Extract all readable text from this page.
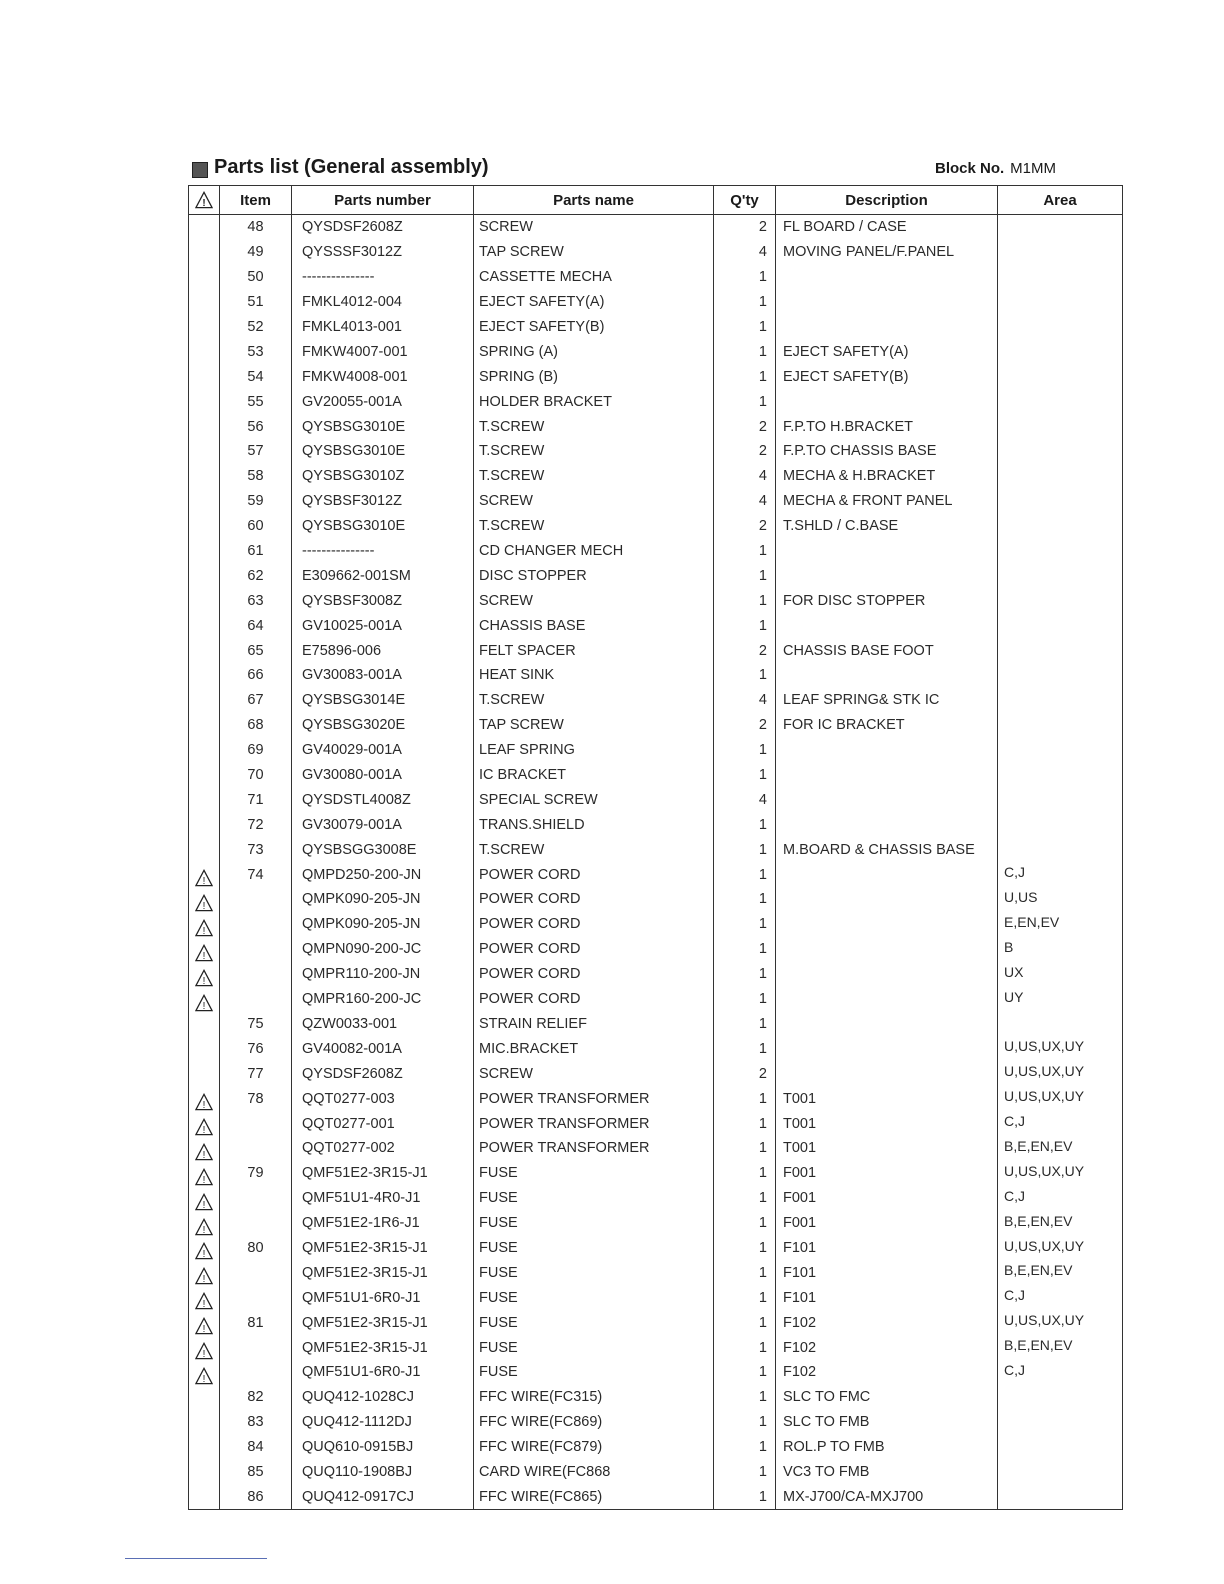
Parts list (General assembly)	Block No. M1MM
!	Item	Parts number	Parts name	Q'ty	Description	Area
	48	QYSDSF2608Z	SCREW	2	FL BOARD / CASE	
	49	QYSSSF3012Z	TAP SCREW	4	MOVING PANEL/F.PANEL	
	50	---------------	CASSETTE MECHA	1		
	51	FMKL4012-004	EJECT SAFETY(A)	1		
	52	FMKL4013-001	EJECT SAFETY(B)	1		
	53	FMKW4007-001	SPRING (A)	1	EJECT SAFETY(A)	
	54	FMKW4008-001	SPRING (B)	1	EJECT SAFETY(B)	
	55	GV20055-001A	HOLDER BRACKET	1		
	56	QYSBSG3010E	T.SCREW	2	F.P.TO H.BRACKET	
	57	QYSBSG3010E	T.SCREW	2	F.P.TO CHASSIS BASE	
	58	QYSBSG3010Z	T.SCREW	4	MECHA & H.BRACKET	
	59	QYSBSF3012Z	SCREW	4	MECHA & FRONT PANEL	
	60	QYSBSG3010E	T.SCREW	2	T.SHLD / C.BASE	
	61	---------------	CD CHANGER MECH	1		
	62	E309662-001SM	DISC STOPPER	1		
	63	QYSBSF3008Z	SCREW	1	FOR DISC STOPPER	
	64	GV10025-001A	CHASSIS BASE	1		
	65	E75896-006	FELT SPACER	2	CHASSIS BASE FOOT	
	66	GV30083-001A	HEAT SINK	1		
	67	QYSBSG3014E	T.SCREW	4	LEAF SPRING& STK IC	
	68	QYSBSG3020E	TAP SCREW	2	FOR IC BRACKET	
	69	GV40029-001A	LEAF SPRING	1		
	70	GV30080-001A	IC BRACKET	1		
	71	QYSDSTL4008Z	SPECIAL SCREW	4		
	72	GV30079-001A	TRANS.SHIELD	1		
	73	QYSBSGG3008E	T.SCREW	1	M.BOARD & CHASSIS BASE	

!	74	QMPD250-200-JN	POWER CORD	1		C,J

!		QMPK090-205-JN	POWER CORD	1		U,US

!		QMPK090-205-JN	POWER CORD	1		E,EN,EV

!		QMPN090-200-JC	POWER CORD	1		B

!		QMPR110-200-JN	POWER CORD	1		UX

!		QMPR160-200-JC	POWER CORD	1		UY
	75	QZW0033-001	STRAIN RELIEF	1		
	76	GV40082-001A	MIC.BRACKET	1		U,US,UX,UY
	77	QYSDSF2608Z	SCREW	2		U,US,UX,UY

!	78	QQT0277-003	POWER TRANSFORMER	1	T001	U,US,UX,UY

!		QQT0277-001	POWER TRANSFORMER	1	T001	C,J

!		QQT0277-002	POWER TRANSFORMER	1	T001	B,E,EN,EV

!	79	QMF51E2-3R15-J1	FUSE	1	F001	U,US,UX,UY

!		QMF51U1-4R0-J1	FUSE	1	F001	C,J

!		QMF51E2-1R6-J1	FUSE	1	F001	B,E,EN,EV

!	80	QMF51E2-3R15-J1	FUSE	1	F101	U,US,UX,UY

!		QMF51E2-3R15-J1	FUSE	1	F101	B,E,EN,EV

!		QMF51U1-6R0-J1	FUSE	1	F101	C,J

!	81	QMF51E2-3R15-J1	FUSE	1	F102	U,US,UX,UY

!		QMF51E2-3R15-J1	FUSE	1	F102	B,E,EN,EV

!		QMF51U1-6R0-J1	FUSE	1	F102	C,J
	82	QUQ412-1028CJ	FFC WIRE(FC315)	1	SLC TO FMC	
	83	QUQ412-1112DJ	FFC WIRE(FC869)	1	SLC TO FMB	
	84	QUQ610-0915BJ	FFC WIRE(FC879)	1	ROL.P TO FMB	
	85	QUQ110-1908BJ	CARD WIRE(FC868	1	VC3 TO FMB	
	86	QUQ412-0917CJ	FFC WIRE(FC865)	1	MX-J700/CA-MXJ700	
